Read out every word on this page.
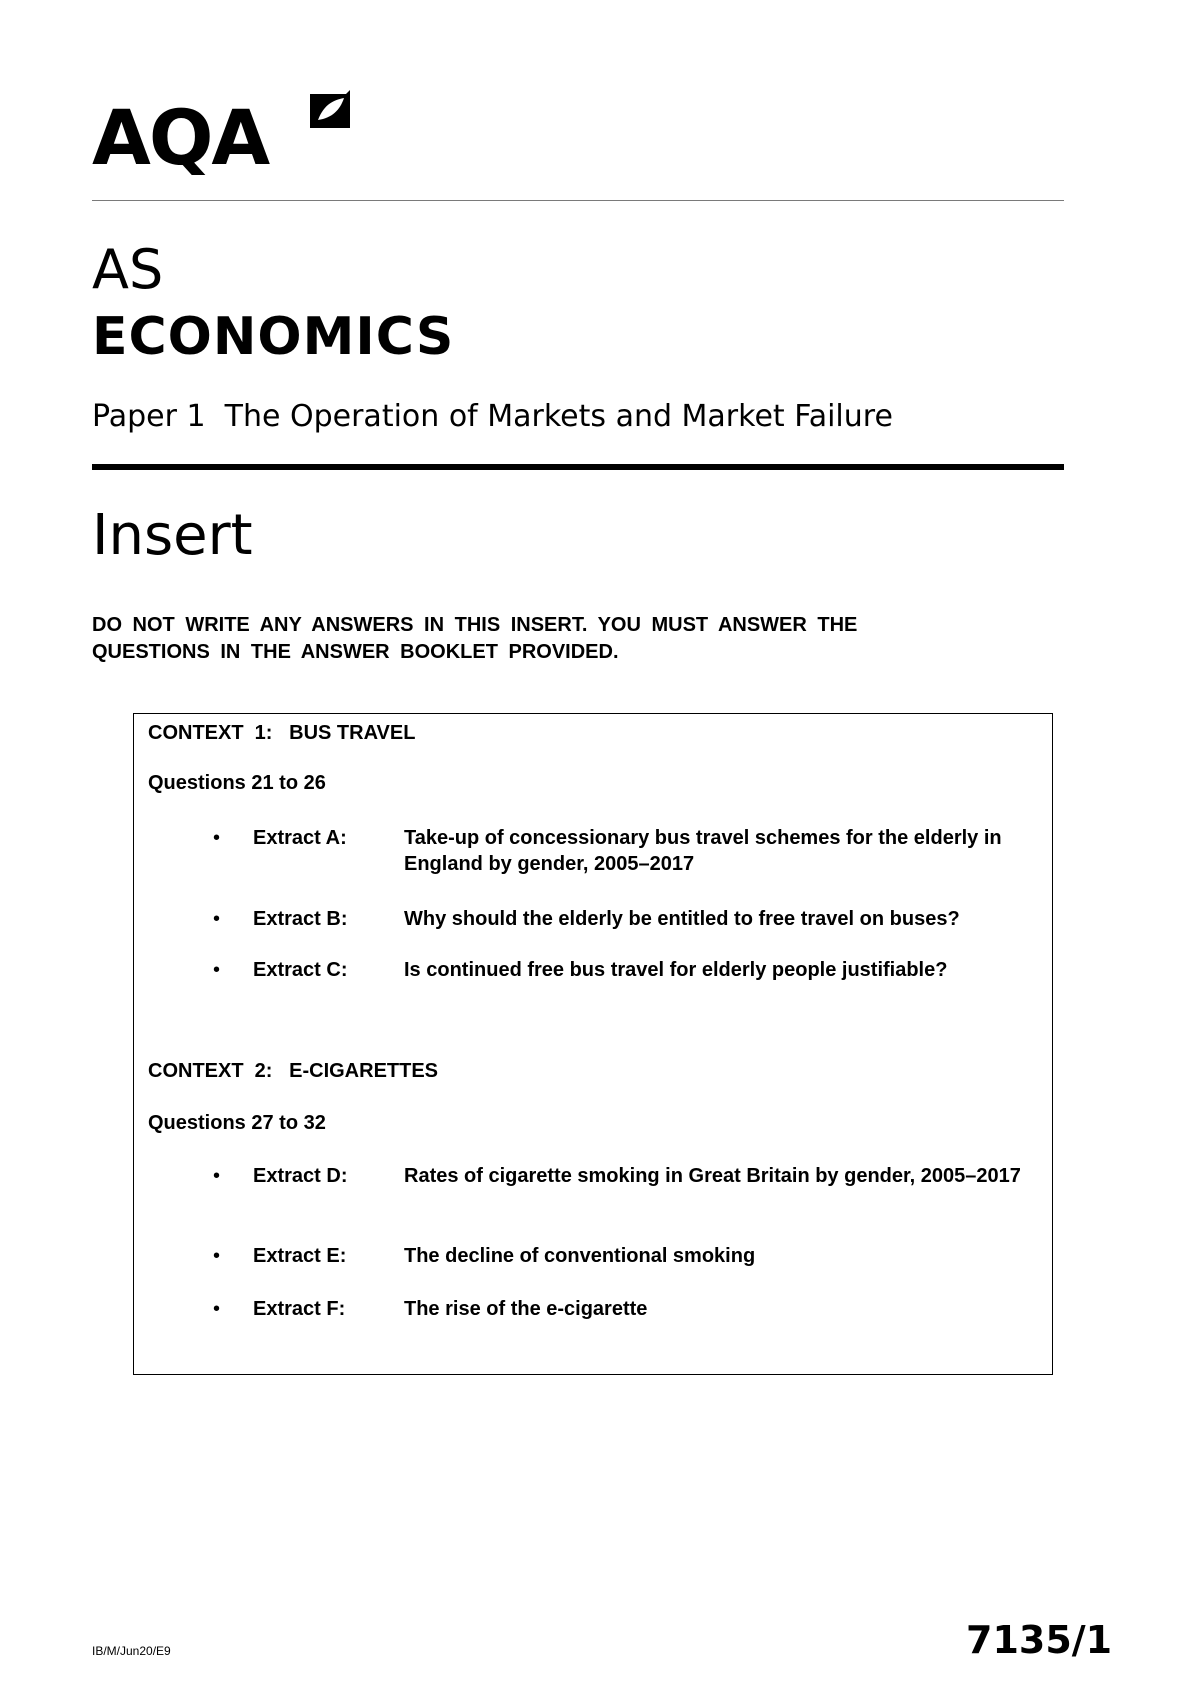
AQA
AS
ECONOMICS
Paper 1  The Operation of Markets and Market Failure
Insert
DO NOT WRITE ANY ANSWERS IN THIS INSERT. YOU MUST ANSWER THE QUESTIONS IN THE ANSWER BOOKLET PROVIDED.
CONTEXT  1:   BUS TRAVEL
Questions 21 to 26
• Extract A:	Take-up of concessionary bus travel schemes for the elderly in England by gender, 2005–2017
• Extract B:	Why should the elderly be entitled to free travel on buses?
• Extract C:	Is continued free bus travel for elderly people justifiable?
CONTEXT  2:   E-CIGARETTES
Questions 27 to 32
• Extract D:	Rates of cigarette smoking in Great Britain by gender, 2005–2017
• Extract E:	The decline of conventional smoking
• Extract F:	The rise of the e-cigarette
IB/M/Jun20/E9	7135/1
